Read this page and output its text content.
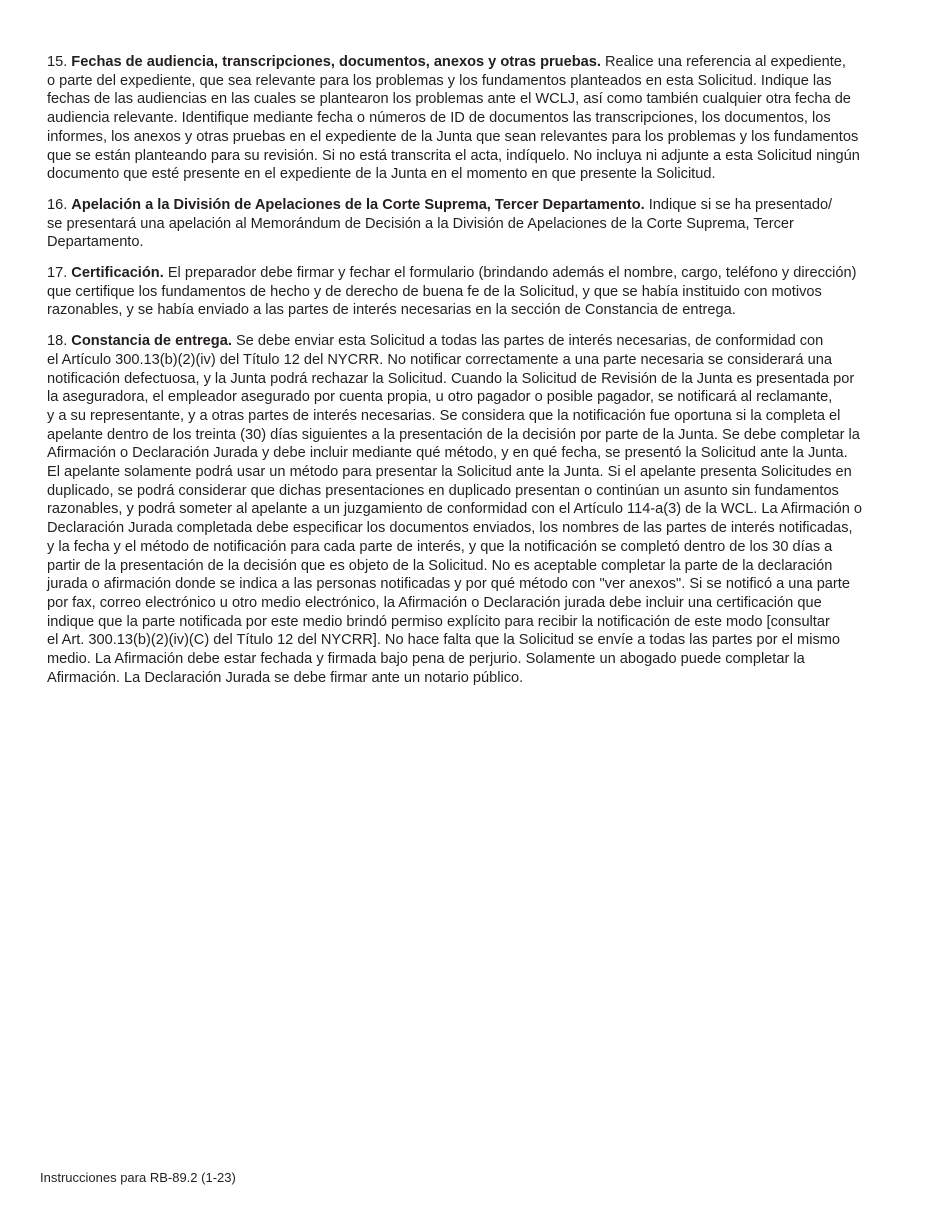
15. Fechas de audiencia, transcripciones, documentos, anexos y otras pruebas. Realice una referencia al expediente,
o parte del expediente, que sea relevante para los problemas y los fundamentos planteados en esta Solicitud. Indique las
fechas de las audiencias en las cuales se plantearon los problemas ante el WCLJ, así como también cualquier otra fecha de
audiencia relevante. Identifique mediante fecha o números de ID de documentos las transcripciones, los documentos, los
informes, los anexos y otras pruebas en el expediente de la Junta que sean relevantes para los problemas y los fundamentos
que se están planteando para su revisión. Si no está transcrita el acta, indíquelo. No incluya ni adjunte a esta Solicitud ningún
documento que esté presente en el expediente de la Junta en el momento en que presente la Solicitud.

16. Apelación a la División de Apelaciones de la Corte Suprema, Tercer Departamento. Indique si se ha presentado/
se presentará una apelación al Memorándum de Decisión a la División de Apelaciones de la Corte Suprema, Tercer
Departamento.

17. Certificación. El preparador debe firmar y fechar el formulario (brindando además el nombre, cargo, teléfono y dirección)
que certifique los fundamentos de hecho y de derecho de buena fe de la Solicitud, y que se había instituido con motivos
razonables, y se había enviado a las partes de interés necesarias en la sección de Constancia de entrega.

18. Constancia de entrega. Se debe enviar esta Solicitud a todas las partes de interés necesarias, de conformidad con
el Artículo 300.13(b)(2)(iv) del Título 12 del NYCRR. No notificar correctamente a una parte necesaria se considerará una
notificación defectuosa, y la Junta podrá rechazar la Solicitud. Cuando la Solicitud de Revisión de la Junta es presentada por
la aseguradora, el empleador asegurado por cuenta propia, u otro pagador o posible pagador, se notificará al reclamante,
y a su representante, y a otras partes de interés necesarias. Se considera que la notificación fue oportuna si la completa el
apelante dentro de los treinta (30) días siguientes a la presentación de la decisión por parte de la Junta. Se debe completar la
Afirmación o Declaración Jurada y debe incluir mediante qué método, y en qué fecha, se presentó la Solicitud ante la Junta.
El apelante solamente podrá usar un método para presentar la Solicitud ante la Junta. Si el apelante presenta Solicitudes en
duplicado, se podrá considerar que dichas presentaciones en duplicado presentan o continúan un asunto sin fundamentos
razonables, y podrá someter al apelante a un juzgamiento de conformidad con el Artículo 114-a(3) de la WCL. La Afirmación o
Declaración Jurada completada debe especificar los documentos enviados, los nombres de las partes de interés notificadas,
y la fecha y el método de notificación para cada parte de interés, y que la notificación se completó dentro de los 30 días a
partir de la presentación de la decisión que es objeto de la Solicitud. No es aceptable completar la parte de la declaración
jurada o afirmación donde se indica a las personas notificadas y por qué método con "ver anexos". Si se notificó a una parte
por fax, correo electrónico u otro medio electrónico, la Afirmación o Declaración jurada debe incluir una certificación que
indique que la parte notificada por este medio brindó permiso explícito para recibir la notificación de este modo [consultar
el Art. 300.13(b)(2)(iv)(C) del Título 12 del NYCRR]. No hace falta que la Solicitud se envíe a todas las partes por el mismo
medio. La Afirmación debe estar fechada y firmada bajo pena de perjurio. Solamente un abogado puede completar la
Afirmación. La Declaración Jurada se debe firmar ante un notario público.

Instrucciones para RB-89.2 (1-23)
